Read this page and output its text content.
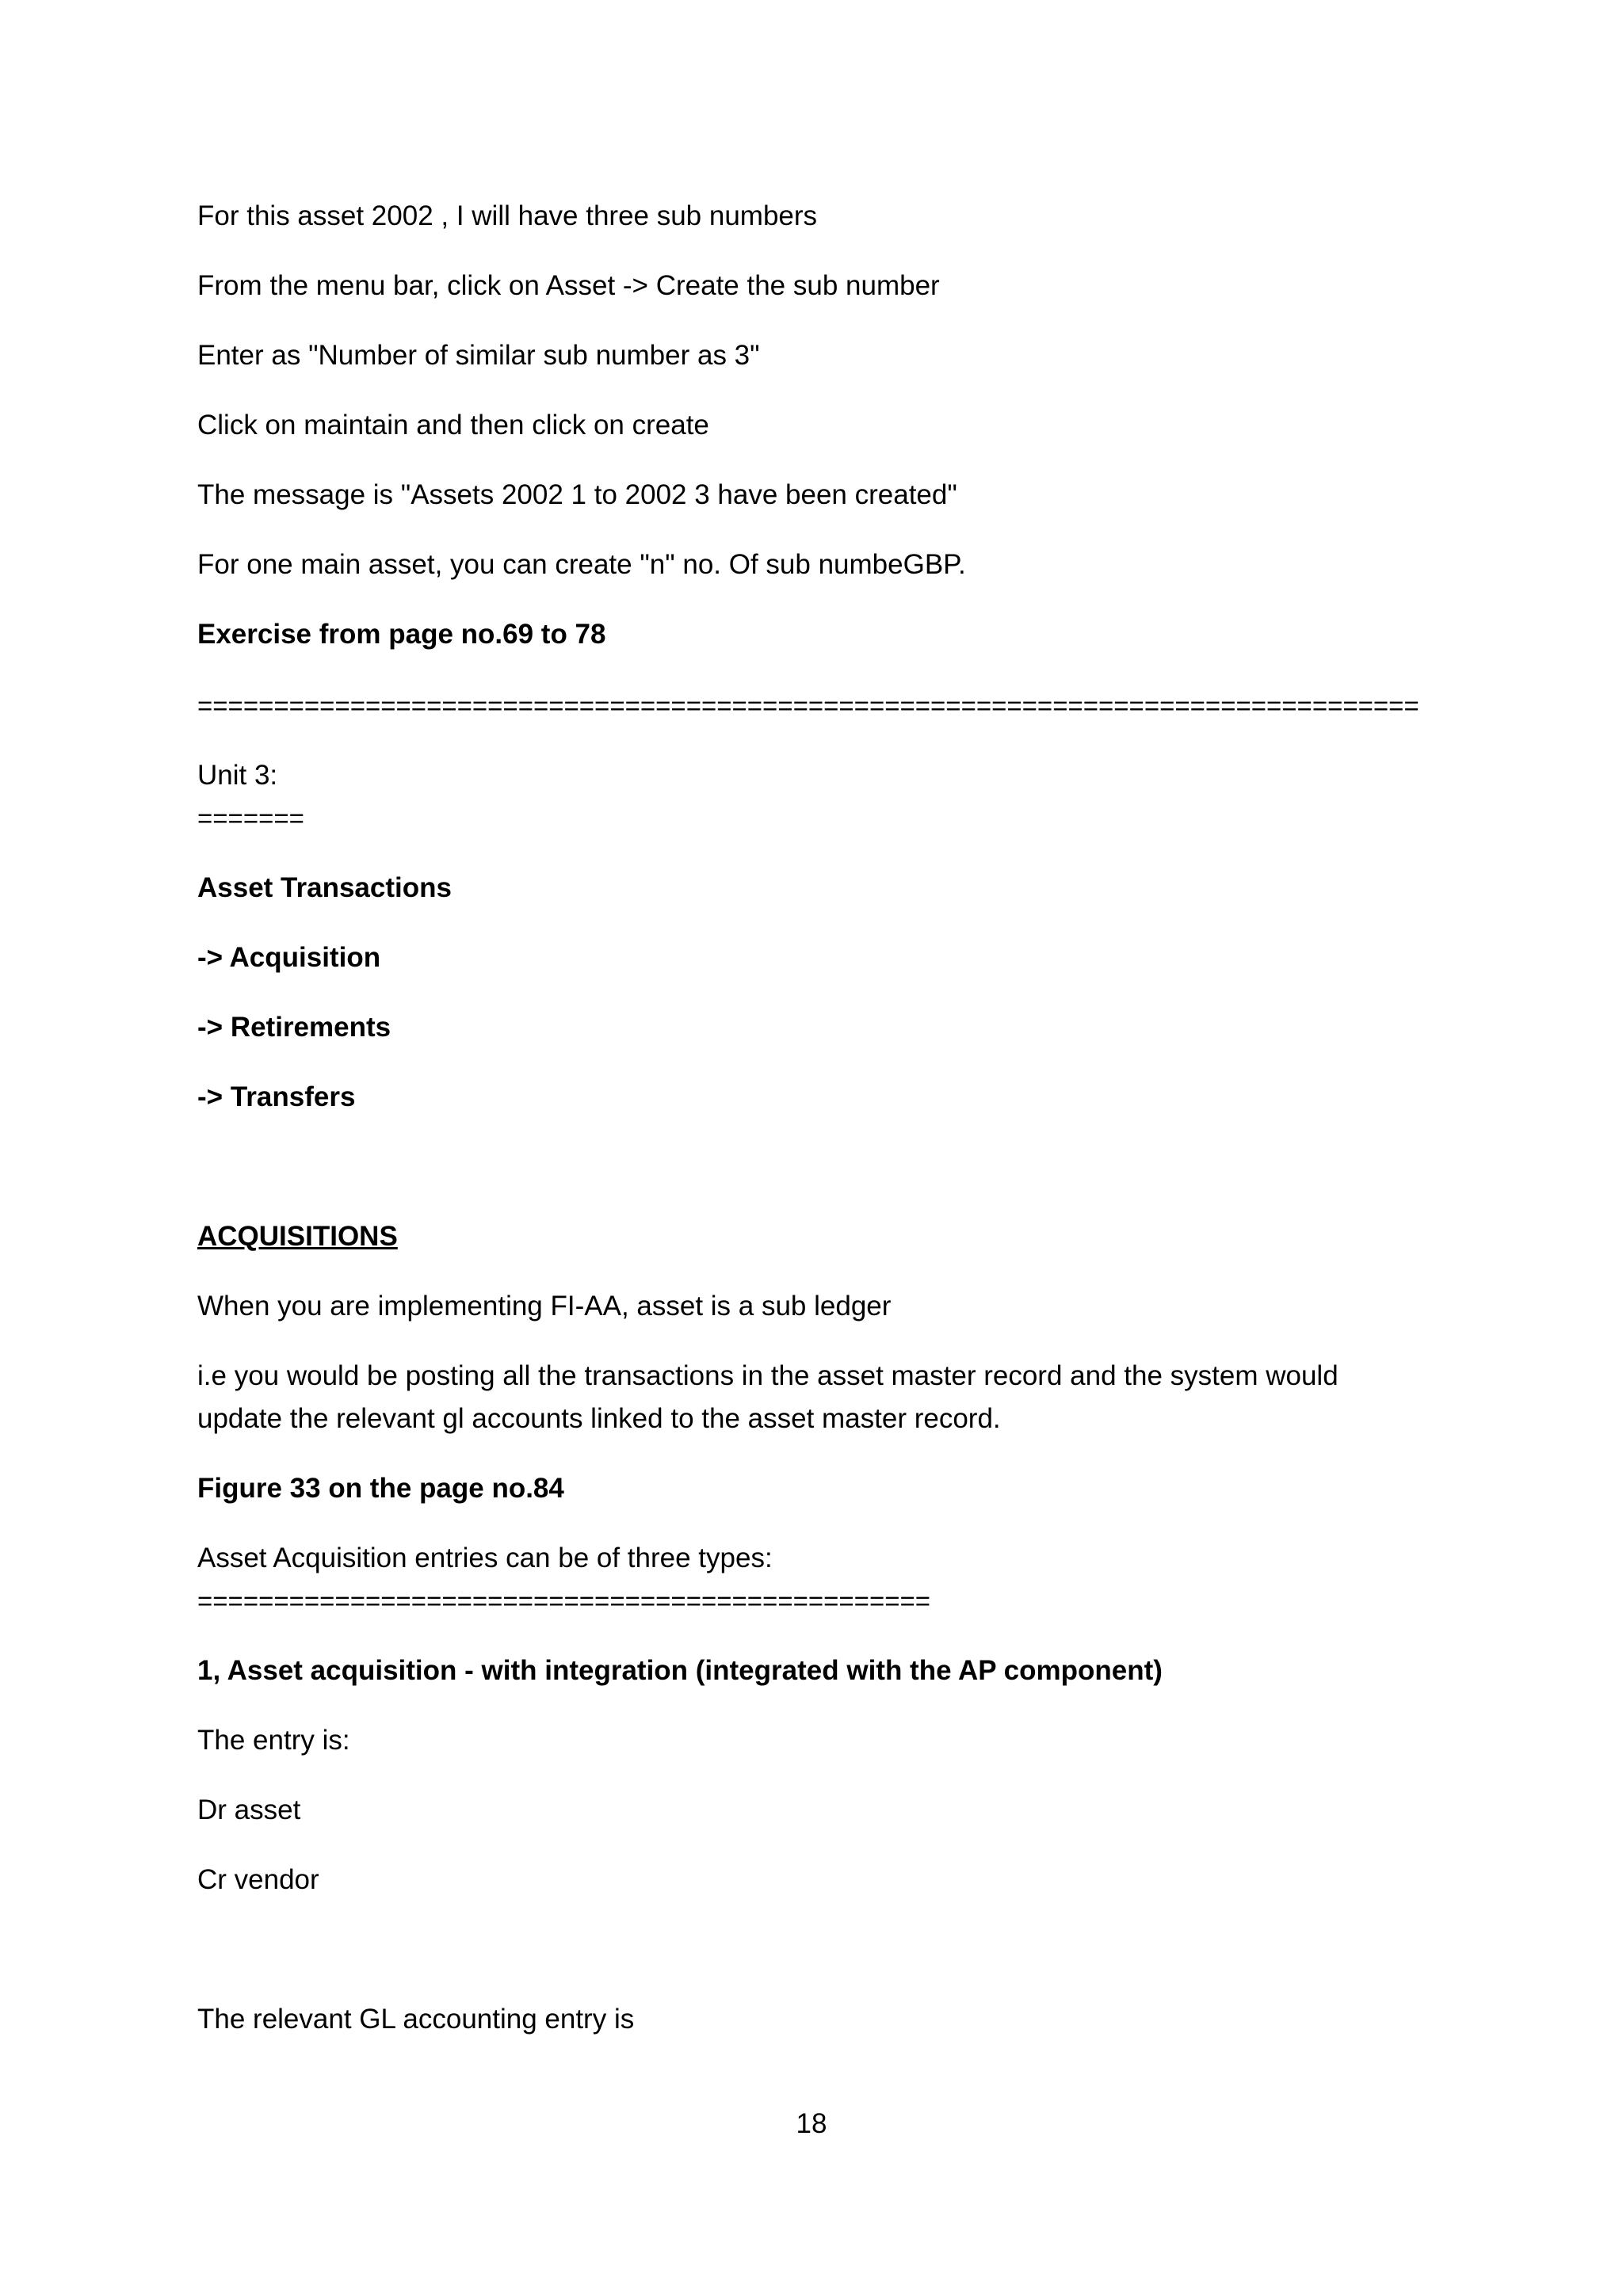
For this asset 2002 , I will have three sub numbers

From the menu bar, click on Asset -> Create the sub number

Enter as "Number of similar sub number as 3"

Click on maintain and then click on create

The message is "Assets 2002 1 to 2002 3 have been created"

For one main asset, you can create "n" no. Of sub numbeGBP.

Exercise from page no.69 to 78

================================================================================

Unit 3:

=======

Asset Transactions

-> Acquisition

-> Retirements

-> Transfers

ACQUISITIONS

When you are implementing FI-AA, asset is a sub ledger

i.e you would be posting all the transactions in the asset master record and the system would

update the relevant gl accounts linked to the asset master record.

Figure 33 on the page no.84

Asset Acquisition entries can be of three types:

================================================

1, Asset acquisition - with integration (integrated with the AP component)

The entry is:

Dr asset

Cr vendor

The relevant GL accounting entry is

18
